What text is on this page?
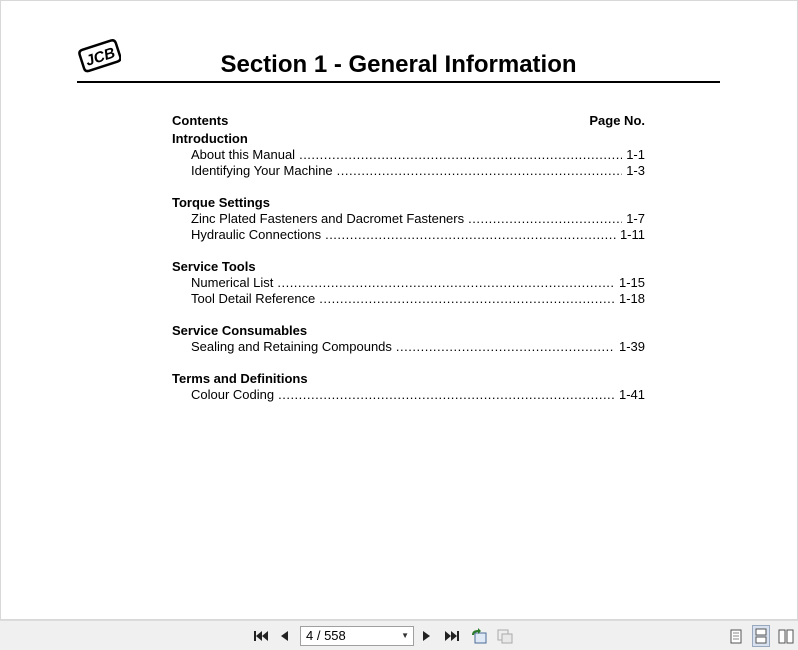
JCB	Section 1 - General Information
Contents	Page No.
Introduction
About this Manual .....	1-1
Identifying Your Machine .....	1-3
Torque Settings
Zinc Plated Fasteners and Dacromet Fasteners .....	1-7
Hydraulic Connections .....	1-11
Service Tools
Numerical List .....	1-15
Tool Detail Reference .....	1-18
Service Consumables
Sealing and Retaining Compounds .....	1-39
Terms and Definitions
Colour Coding .....	1-41
4 / 558	▼
